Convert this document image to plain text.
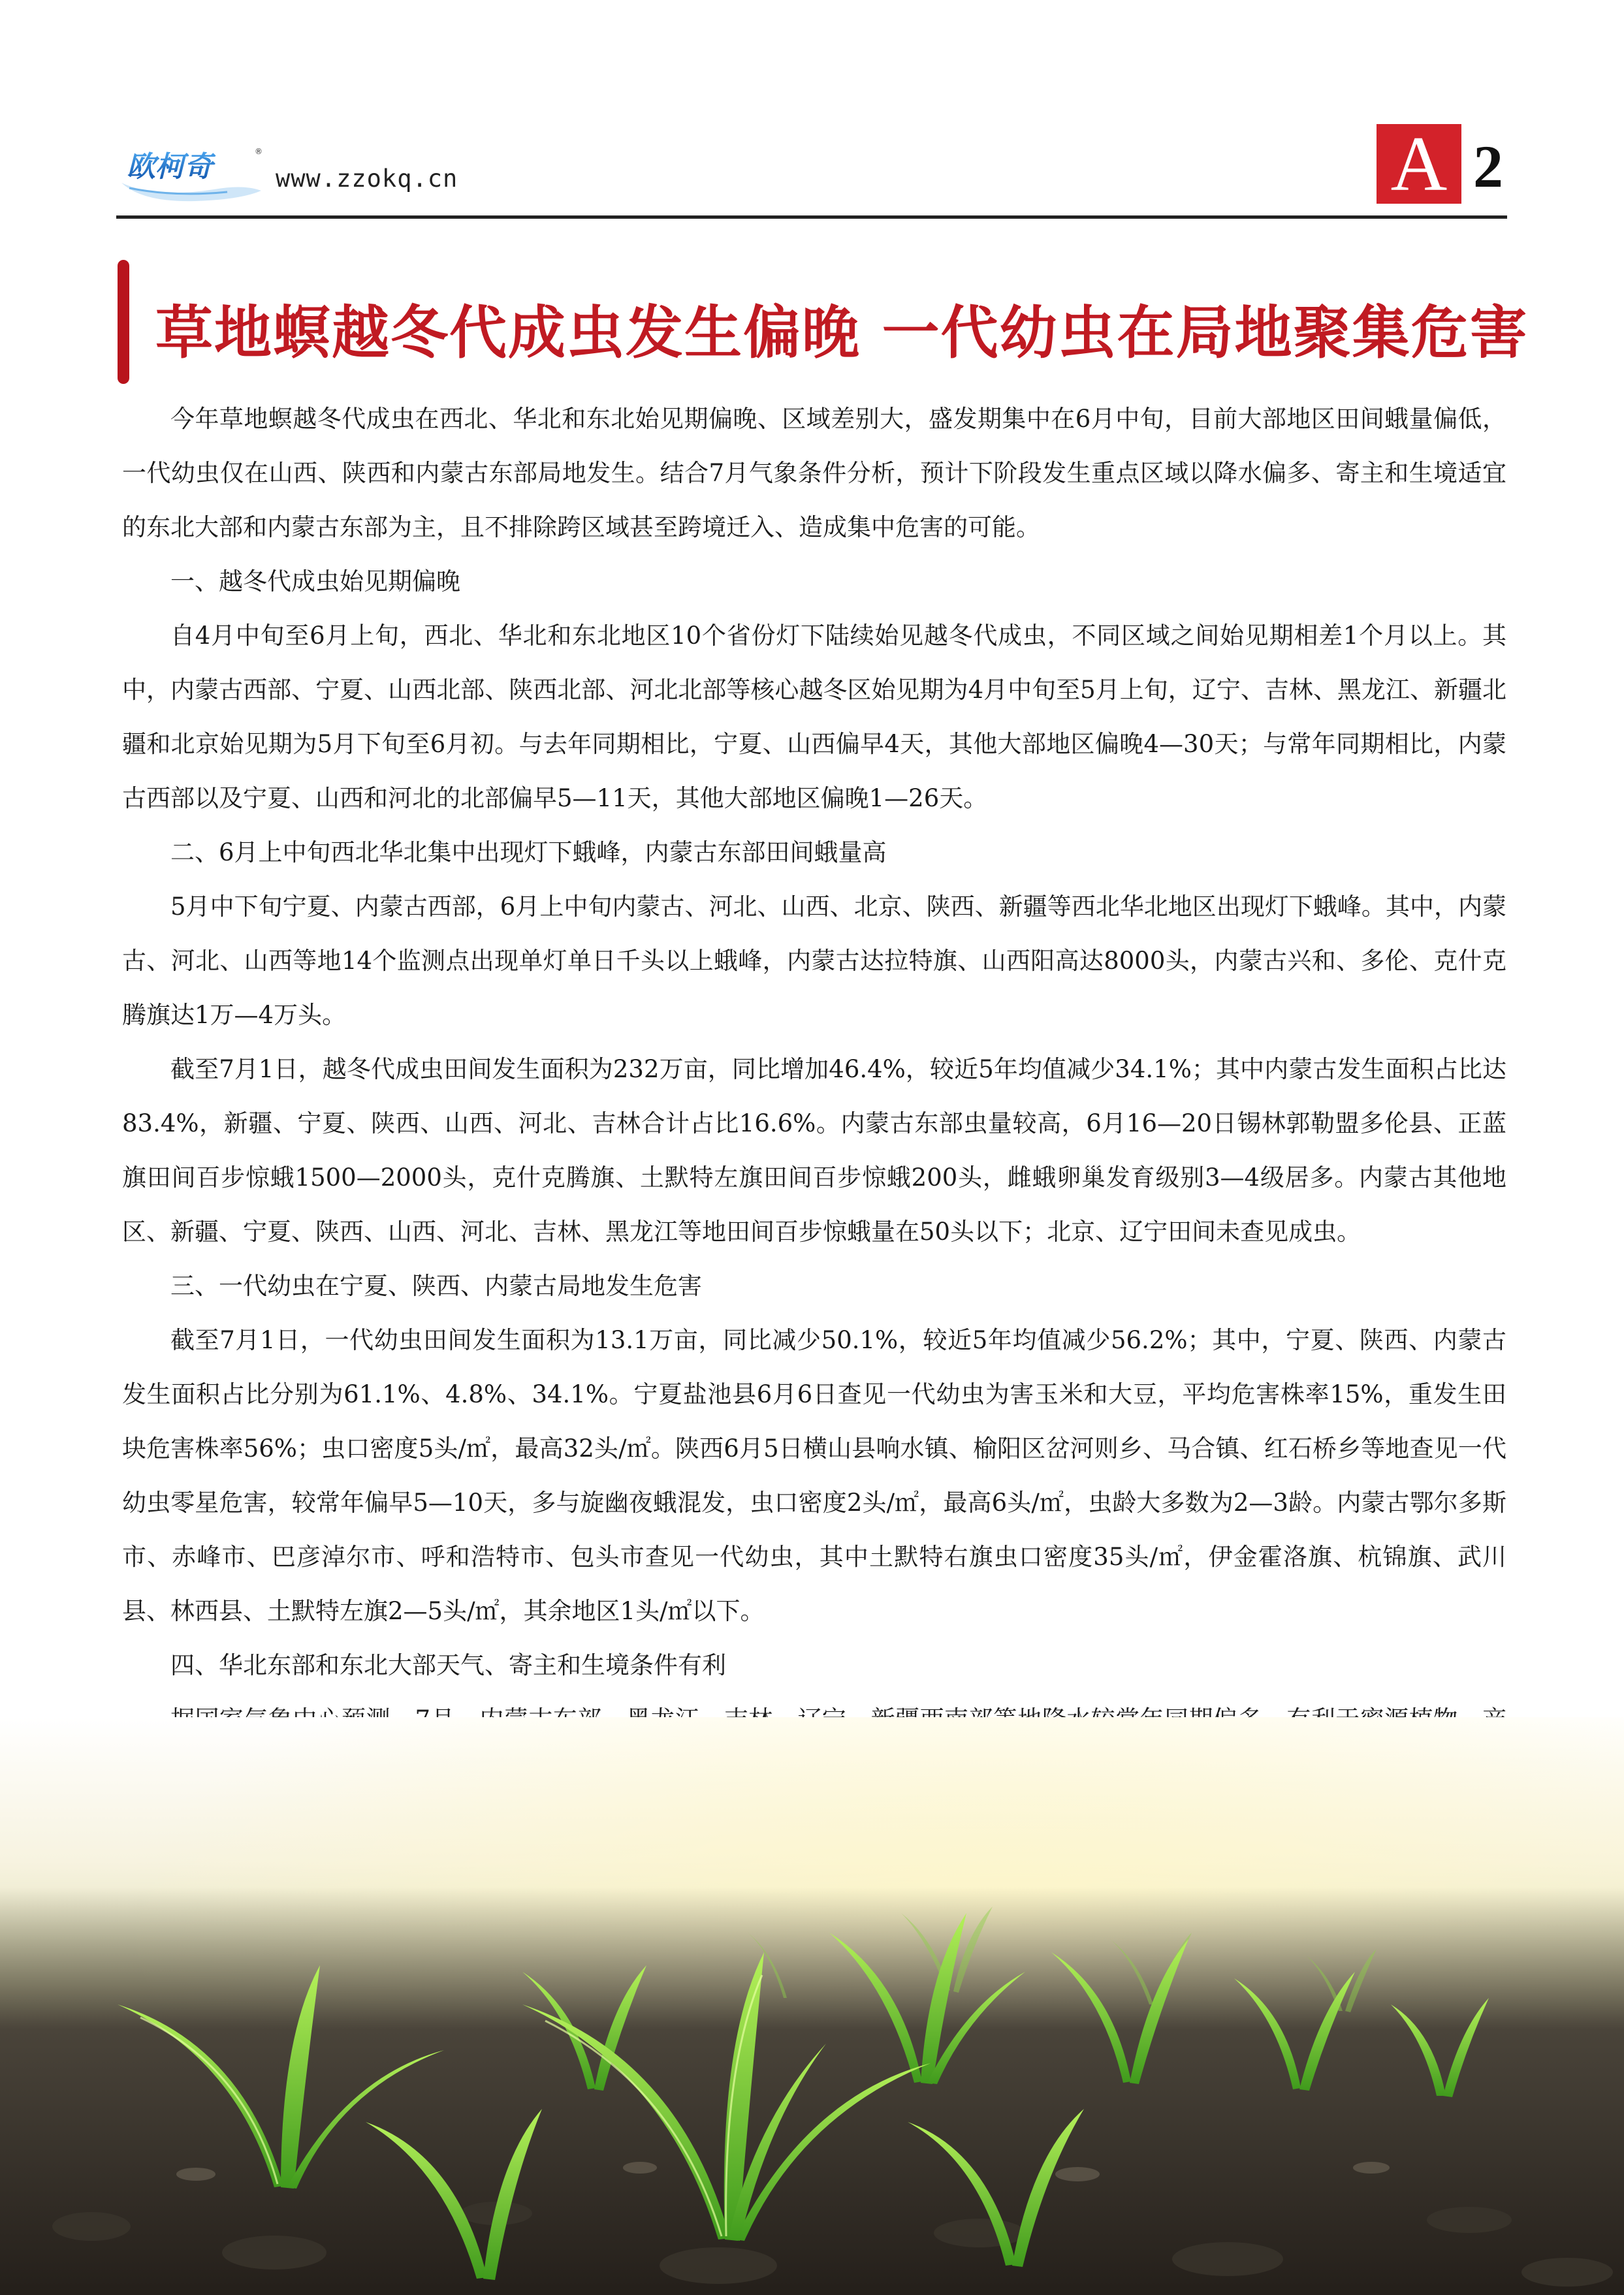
欧柯奇	®
www.zzokq.cn	A 2
草地螟越冬代成虫发生偏晚 一代幼虫在局地聚集危害

今年草地螟越冬代成虫在西北、华北和东北始见期偏晚、区域差别大，盛发期集中在6月中旬，目前大部地区田间蛾量偏低，一代幼虫仅在山西、陕西和内蒙古东部局地发生。结合7月气象条件分析，预计下阶段发生重点区域以降水偏多、寄主和生境适宜的东北大部和内蒙古东部为主，且不排除跨区域甚至跨境迁入、造成集中危害的可能。

一、越冬代成虫始见期偏晚

自4月中旬至6月上旬，西北、华北和东北地区10个省份灯下陆续始见越冬代成虫，不同区域之间始见期相差1个月以上。其中，内蒙古西部、宁夏、山西北部、陕西北部、河北北部等核心越冬区始见期为4月中旬至5月上旬，辽宁、吉林、黑龙江、新疆北疆和北京始见期为5月下旬至6月初。与去年同期相比，宁夏、山西偏早4天，其他大部地区偏晚4—30天；与常年同期相比，内蒙古西部以及宁夏、山西和河北的北部偏早5—11天，其他大部地区偏晚1—26天。

二、6月上中旬西北华北集中出现灯下蛾峰，内蒙古东部田间蛾量高

5月中下旬宁夏、内蒙古西部，6月上中旬内蒙古、河北、山西、北京、陕西、新疆等西北华北地区出现灯下蛾峰。其中，内蒙古、河北、山西等地14个监测点出现单灯单日千头以上蛾峰，内蒙古达拉特旗、山西阳高达8000头，内蒙古兴和、多伦、克什克腾旗达1万—4万头。

截至7月1日，越冬代成虫田间发生面积为232万亩，同比增加46.4%，较近5年均值减少34.1%；其中内蒙古发生面积占比达83.4%，新疆、宁夏、陕西、山西、河北、吉林合计占比16.6%。内蒙古东部虫量较高，6月16—20日锡林郭勒盟多伦县、正蓝旗田间百步惊蛾1500—2000头，克什克腾旗、土默特左旗田间百步惊蛾200头，雌蛾卵巢发育级别3—4级居多。内蒙古其他地区、新疆、宁夏、陕西、山西、河北、吉林、黑龙江等地田间百步惊蛾量在50头以下；北京、辽宁田间未查见成虫。

三、一代幼虫在宁夏、陕西、内蒙古局地发生危害

截至7月1日，一代幼虫田间发生面积为13.1万亩，同比减少50.1%，较近5年均值减少56.2%；其中，宁夏、陕西、内蒙古发生面积占比分别为61.1%、4.8%、34.1%。宁夏盐池县6月6日查见一代幼虫为害玉米和大豆，平均危害株率15%，重发生田块危害株率56%；虫口密度5头/㎡，最高32头/㎡。陕西6月5日横山县响水镇、榆阳区岔河则乡、马合镇、红石桥乡等地查见一代幼虫零星危害，较常年偏早5—10天，多与旋幽夜蛾混发，虫口密度2头/㎡，最高6头/㎡，虫龄大多数为2—3龄。内蒙古鄂尔多斯市、赤峰市、巴彦淖尔市、呼和浩特市、包头市查见一代幼虫，其中土默特右旗虫口密度35头/㎡，伊金霍洛旗、杭锦旗、武川县、林西县、土默特左旗2—5头/㎡，其余地区1头/㎡以下。

四、华北东部和东北大部天气、寄主和生境条件有利
